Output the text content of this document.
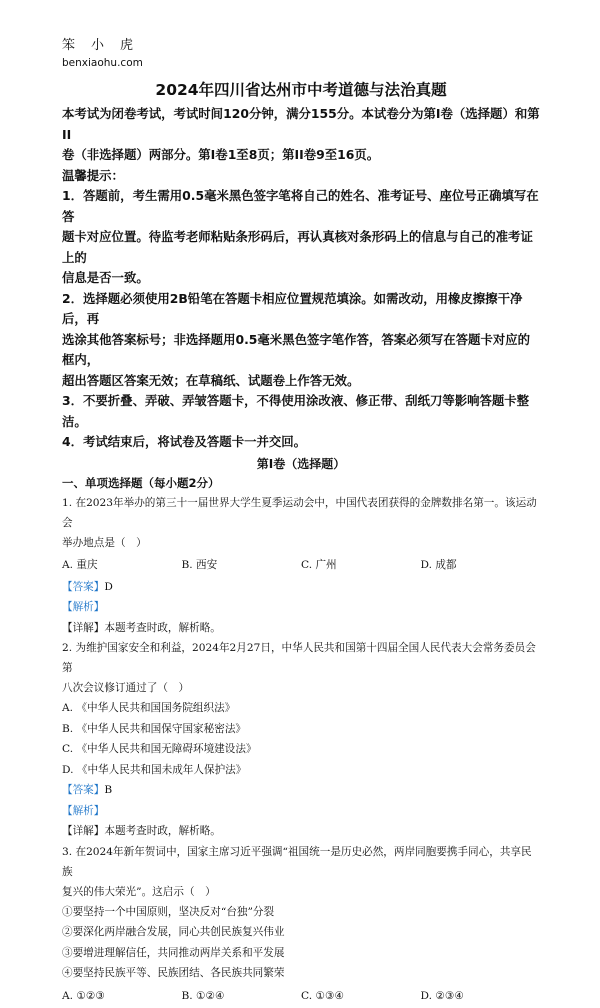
笨小虎
benxiaohu.com
2024年四川省达州市中考道德与法治真题
本考试为闭卷考试，考试时间120分钟，满分155分。本试卷分为第I卷（选择题）和第II
卷（非选择题）两部分。第I卷1至8页；第II卷9至16页。
温馨提示：
1．答题前，考生需用0.5毫米黑色签字笔将自己的姓名、准考证号、座位号正确填写在答
题卡对应位置。待监考老师粘贴条形码后，再认真核对条形码上的信息与自己的准考证上的
信息是否一致。
2．选择题必须使用2B铅笔在答题卡相应位置规范填涂。如需改动，用橡皮擦擦干净后，再
选涂其他答案标号；非选择题用0.5毫米黑色签字笔作答，答案必须写在答题卡对应的框内，
超出答题区答案无效；在草稿纸、试题卷上作答无效。
3．不要折叠、弄破、弄皱答题卡，不得使用涂改液、修正带、刮纸刀等影响答题卡整洁。
4．考试结束后，将试卷及答题卡一并交回。
第I卷（选择题）
一、单项选择题（每小题2分）
1. 在2023年举办的第三十一届世界大学生夏季运动会中，中国代表团获得的金牌数排名第一。该运动会
举办地点是（　）
A. 重庆	B. 西安	C. 广州	D. 成都
【答案】D
【解析】
【详解】本题考查时政，解析略。
2. 为维护国家安全和利益，2024年2月27日，中华人民共和国第十四届全国人民代表大会常务委员会第
八次会议修订通过了（　）
A. 《中华人民共和国国务院组织法》
B. 《中华人民共和国保守国家秘密法》
C. 《中华人民共和国无障碍环境建设法》
D. 《中华人民共和国未成年人保护法》
【答案】B
【解析】
【详解】本题考查时政，解析略。
3. 在2024年新年贺词中，国家主席习近平强调“祖国统一是历史必然，两岸同胞要携手同心，共享民族
复兴的伟大荣光”。这启示（　）
①要坚持一个中国原则，坚决反对“台独”分裂
②要深化两岸融合发展，同心共创民族复兴伟业
③要增进理解信任，共同推动两岸关系和平发展
④要坚持民族平等、民族团结、各民族共同繁荣
A. ①②③	B. ①②④	C. ①③④	D. ②③④
